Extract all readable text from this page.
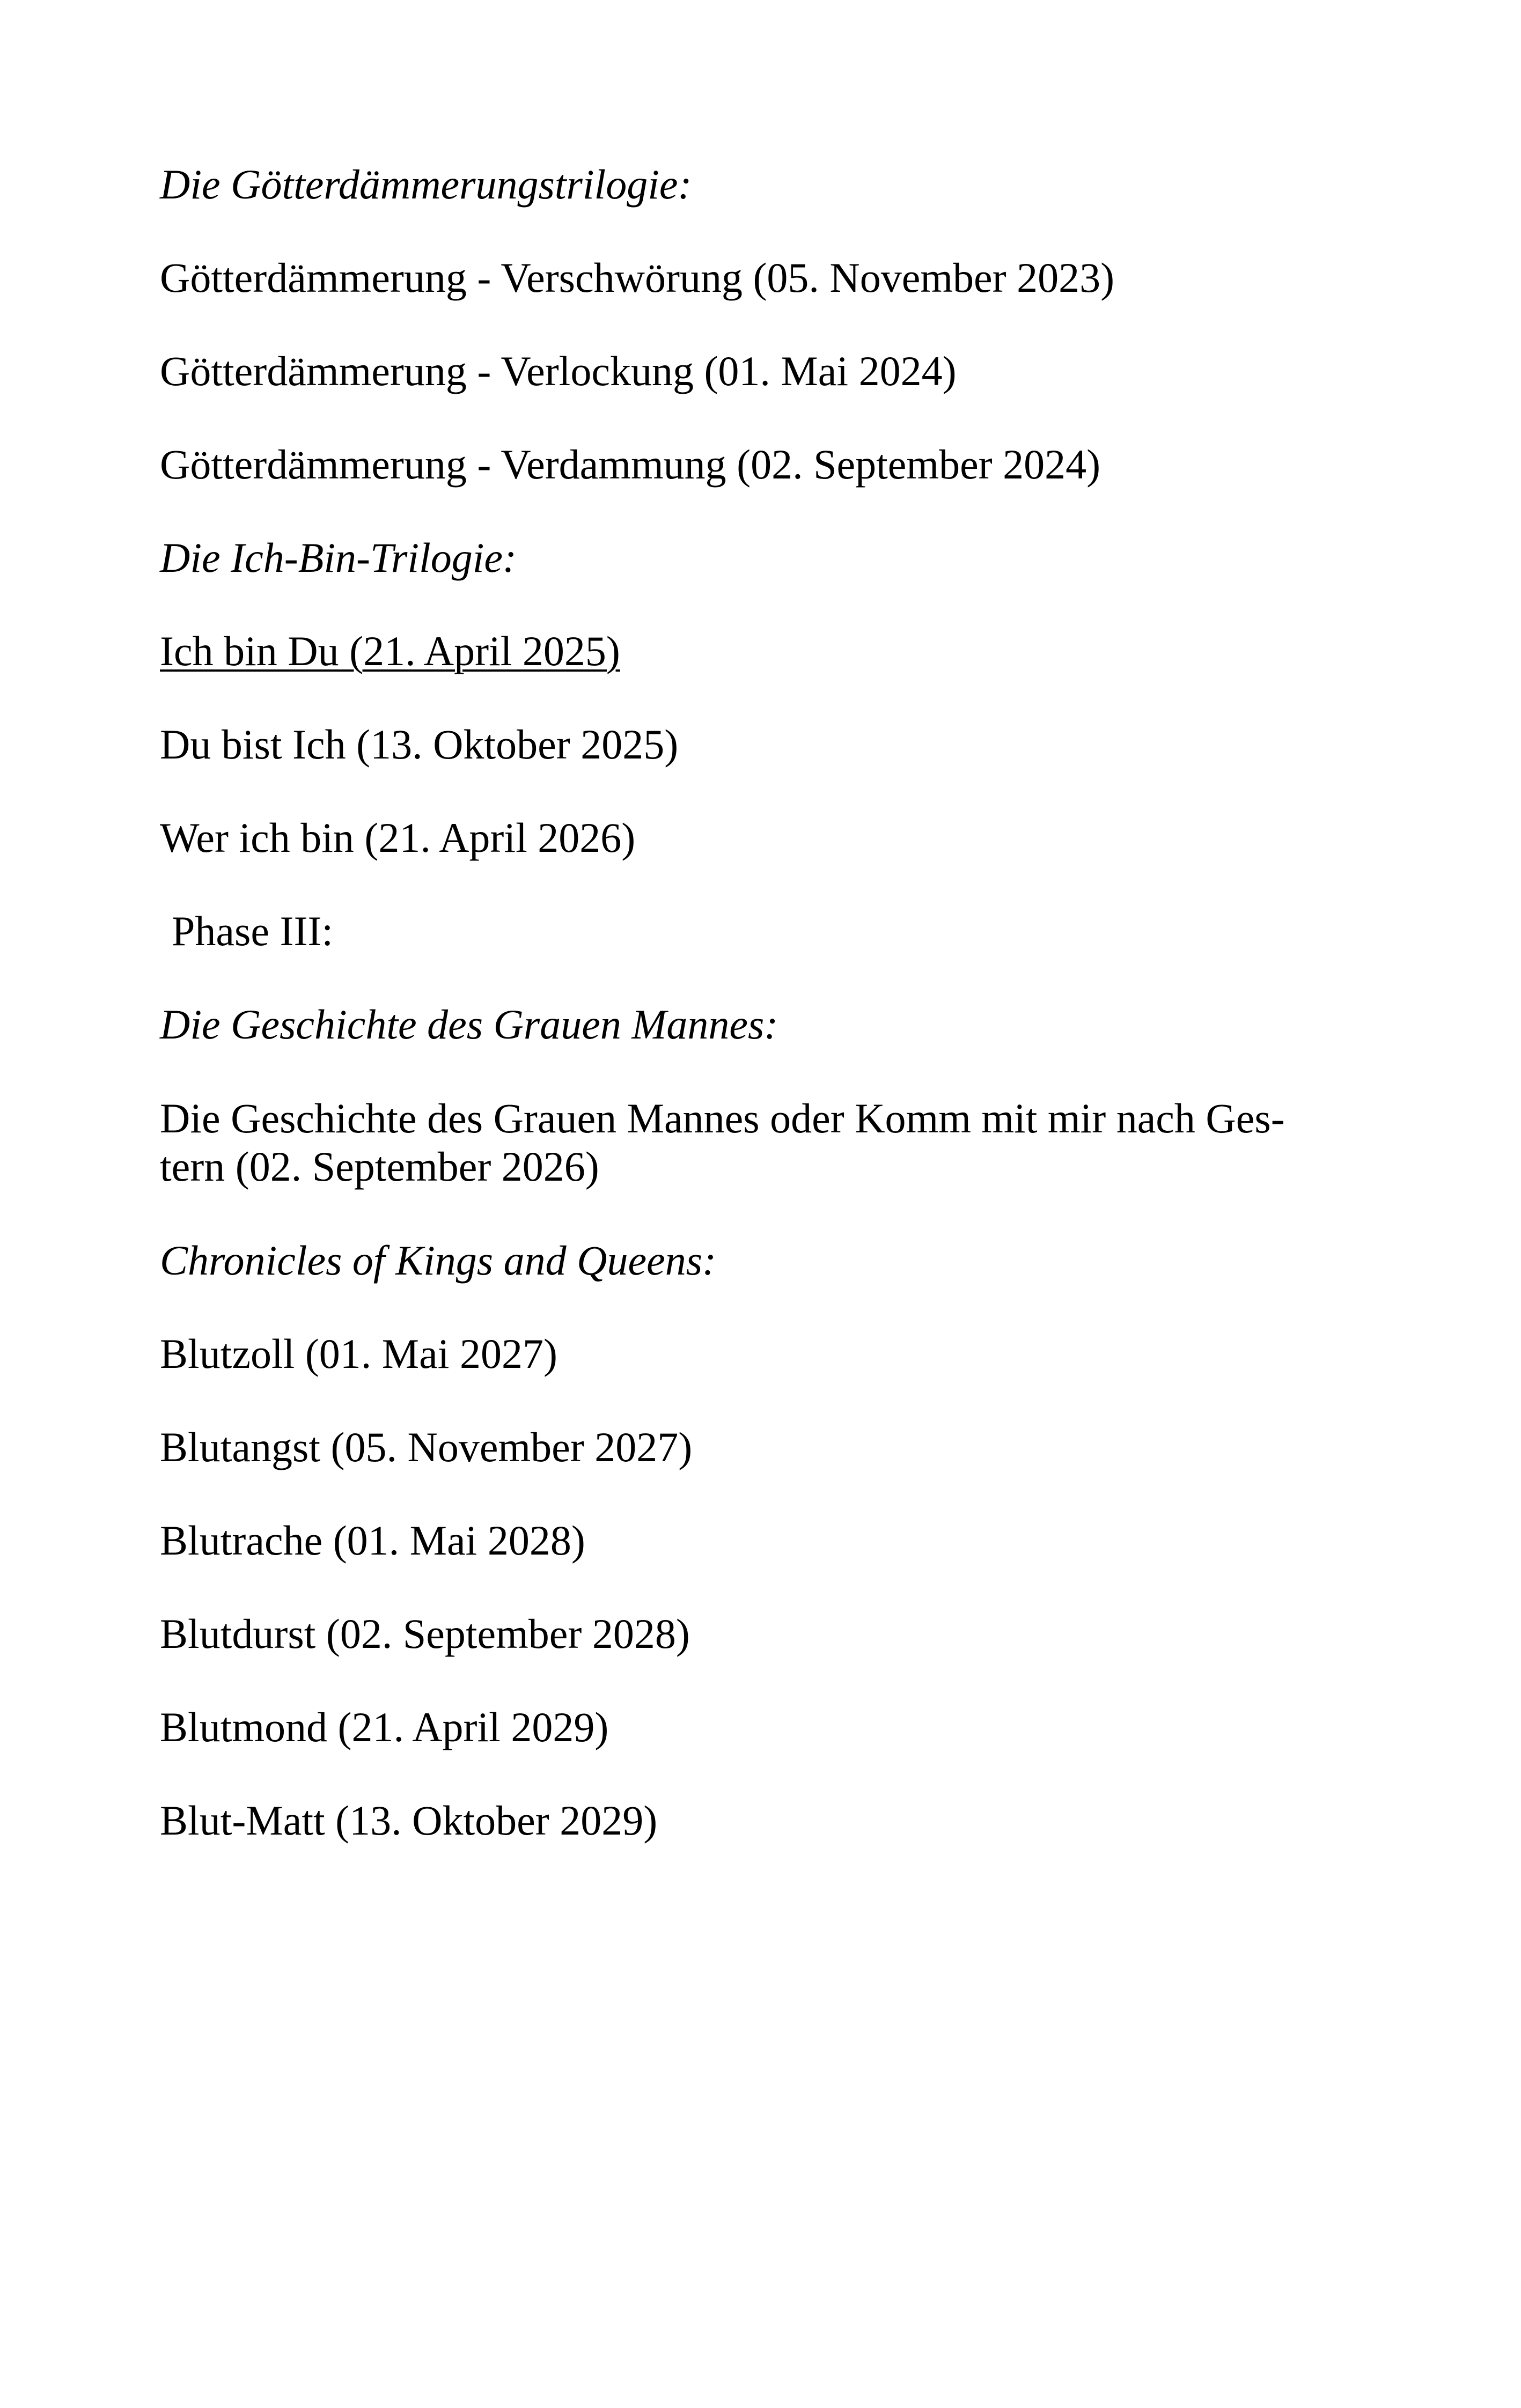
Die Götterdämmerungstrilogie:

Götterdämmerung - Verschwörung (05. November 2023)

Götterdämmerung - Verlockung (01. Mai 2024)

Götterdämmerung - Verdammung (02. September 2024)

Die Ich-Bin-Trilogie:

Ich bin Du (21. April 2025)

Du bist Ich (13. Oktober 2025)

Wer ich bin (21. April 2026)

Phase III:

Die Geschichte des Grauen Mannes:

Die Geschichte des Grauen Mannes oder Komm mit mir nach Ges-
tern (02. September 2026)

Chronicles of Kings and Queens:

Blutzoll (01. Mai 2027)

Blutangst (05. November 2027)

Blutrache (01. Mai 2028)

Blutdurst (02. September 2028)

Blutmond (21. April 2029)

Blut-Matt (13. Oktober 2029)
